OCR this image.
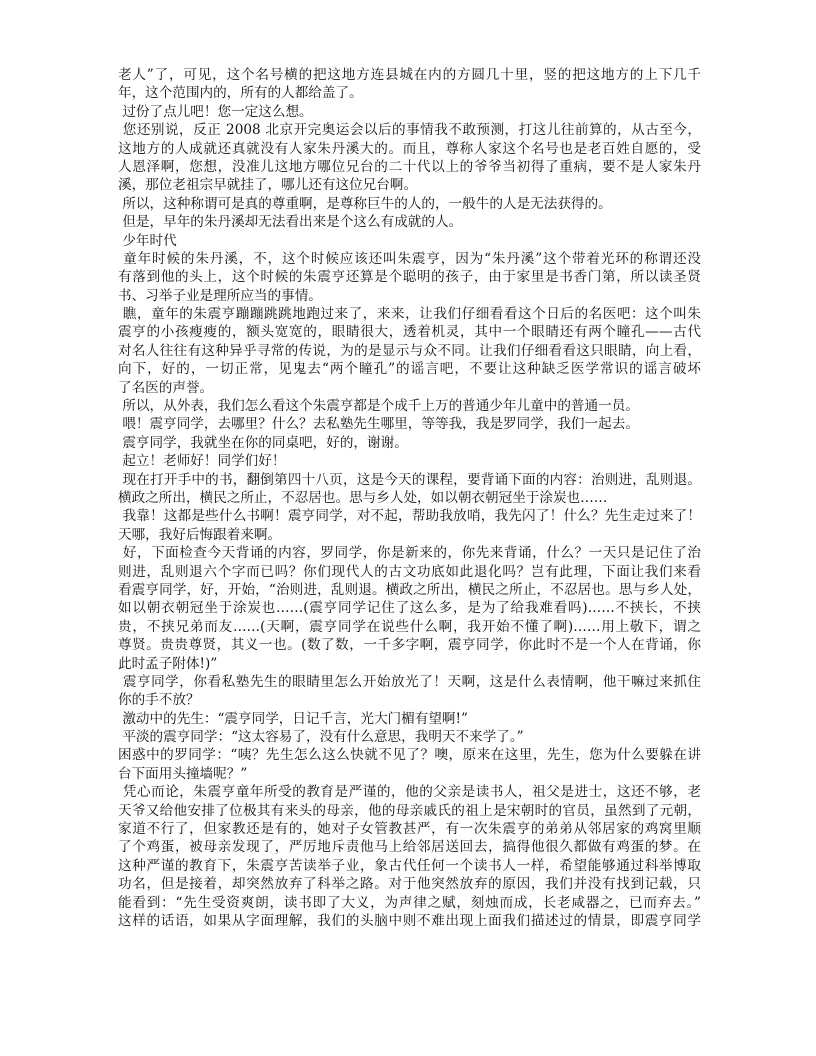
老人”了，可见，这个名号横的把这地方连县城在内的方圆几十里，竖的把这地方的上下几千
年，这个范围内的，所有的人都给盖了。
过份了点儿吧！您一定这么想。
您还别说，反正 2008 北京开完奥运会以后的事情我不敢预测，打这儿往前算的，从古至今，
这地方的人成就还真就没有人家朱丹溪大的。而且，尊称人家这个名号也是老百姓自愿的，受
人恩泽啊，您想，没准儿这地方哪位兄台的二十代以上的爷爷当初得了重病，要不是人家朱丹
溪，那位老祖宗早就挂了，哪儿还有这位兄台啊。
所以，这种称谓可是真的尊重啊，是尊称巨牛的人的，一般牛的人是无法获得的。
但是，早年的朱丹溪却无法看出来是个这么有成就的人。
少年时代
童年时候的朱丹溪，不，这个时候应该还叫朱震亨，因为“朱丹溪”这个带着光环的称谓还没
有落到他的头上，这个时候的朱震亨还算是个聪明的孩子，由于家里是书香门第，所以读圣贤
书、习举子业是理所应当的事情。
瞧，童年的朱震亨蹦蹦跳跳地跑过来了，来来，让我们仔细看看这个日后的名医吧：这个叫朱
震亨的小孩瘦瘦的，额头宽宽的，眼睛很大，透着机灵，其中一个眼睛还有两个瞳孔——古代
对名人往往有这种异乎寻常的传说，为的是显示与众不同。让我们仔细看看这只眼睛，向上看，
向下，好的，一切正常，见鬼去“两个瞳孔”的谣言吧，不要让这种缺乏医学常识的谣言破坏
了名医的声誉。
所以，从外表，我们怎么看这个朱震亨都是个成千上万的普通少年儿童中的普通一员。
喂！震亨同学，去哪里？什么？去私塾先生哪里，等等我，我是罗同学，我们一起去。
震亨同学，我就坐在你的同桌吧，好的，谢谢。
起立！老师好！同学们好！
现在打开手中的书，翻倒第四十八页，这是今天的课程，要背诵下面的内容：治则进，乱则退。
横政之所出，横民之所止，不忍居也。思与乡人处，如以朝衣朝冠坐于涂炭也……
我靠！这都是些什么书啊！震亨同学，对不起，帮助我放哨，我先闪了！什么？先生走过来了！
天哪，我好后悔跟着来啊。
好，下面检查今天背诵的内容，罗同学，你是新来的，你先来背诵，什么？一天只是记住了治
则进，乱则退六个字而已吗？你们现代人的古文功底如此退化吗？岂有此理，下面让我们来看
看震亨同学，好，开始，“治则进，乱则退。横政之所出，横民之所止，不忍居也。思与乡人处，
如以朝衣朝冠坐于涂炭也……(震亨同学记住了这么多，是为了给我难看吗)……不挟长，不挟
贵，不挟兄弟而友……(天啊，震亨同学在说些什么啊，我开始不懂了啊)……用上敬下，谓之
尊贤。贵贵尊贤，其义一也。(数了数，一千多字啊，震亨同学，你此时不是一个人在背诵，你
此时孟子附体!)”
震亨同学，你看私塾先生的眼睛里怎么开始放光了！天啊，这是什么表情啊，他干嘛过来抓住
你的手不放？
激动中的先生：“震亨同学，日记千言，光大门楣有望啊!”
平淡的震亨同学：“这太容易了，没有什么意思，我明天不来学了。”
困惑中的罗同学：“咦？先生怎么这么快就不见了？噢，原来在这里，先生，您为什么要躲在讲
台下面用头撞墙呢？”
凭心而论，朱震亨童年所受的教育是严谨的，他的父亲是读书人，祖父是进士，这还不够，老
天爷又给他安排了位极其有来头的母亲，他的母亲戚氏的祖上是宋朝时的官员，虽然到了元朝，
家道不行了，但家教还是有的，她对子女管教甚严，有一次朱震亨的弟弟从邻居家的鸡窝里顺
了个鸡蛋，被母亲发现了，严厉地斥责他马上给邻居送回去，搞得他很久都做有鸡蛋的梦。在
这种严谨的教育下，朱震亨苦读举子业，象古代任何一个读书人一样，希望能够通过科举博取
功名，但是接着，却突然放弃了科举之路。对于他突然放弃的原因，我们并没有找到记载，只
能看到：“先生受资爽朗，读书即了大义，为声律之赋，刻烛而成，长老咸器之，已而弃去。”
这样的话语，如果从字面理解，我们的头脑中则不难出现上面我们描述过的情景，即震亨同学
